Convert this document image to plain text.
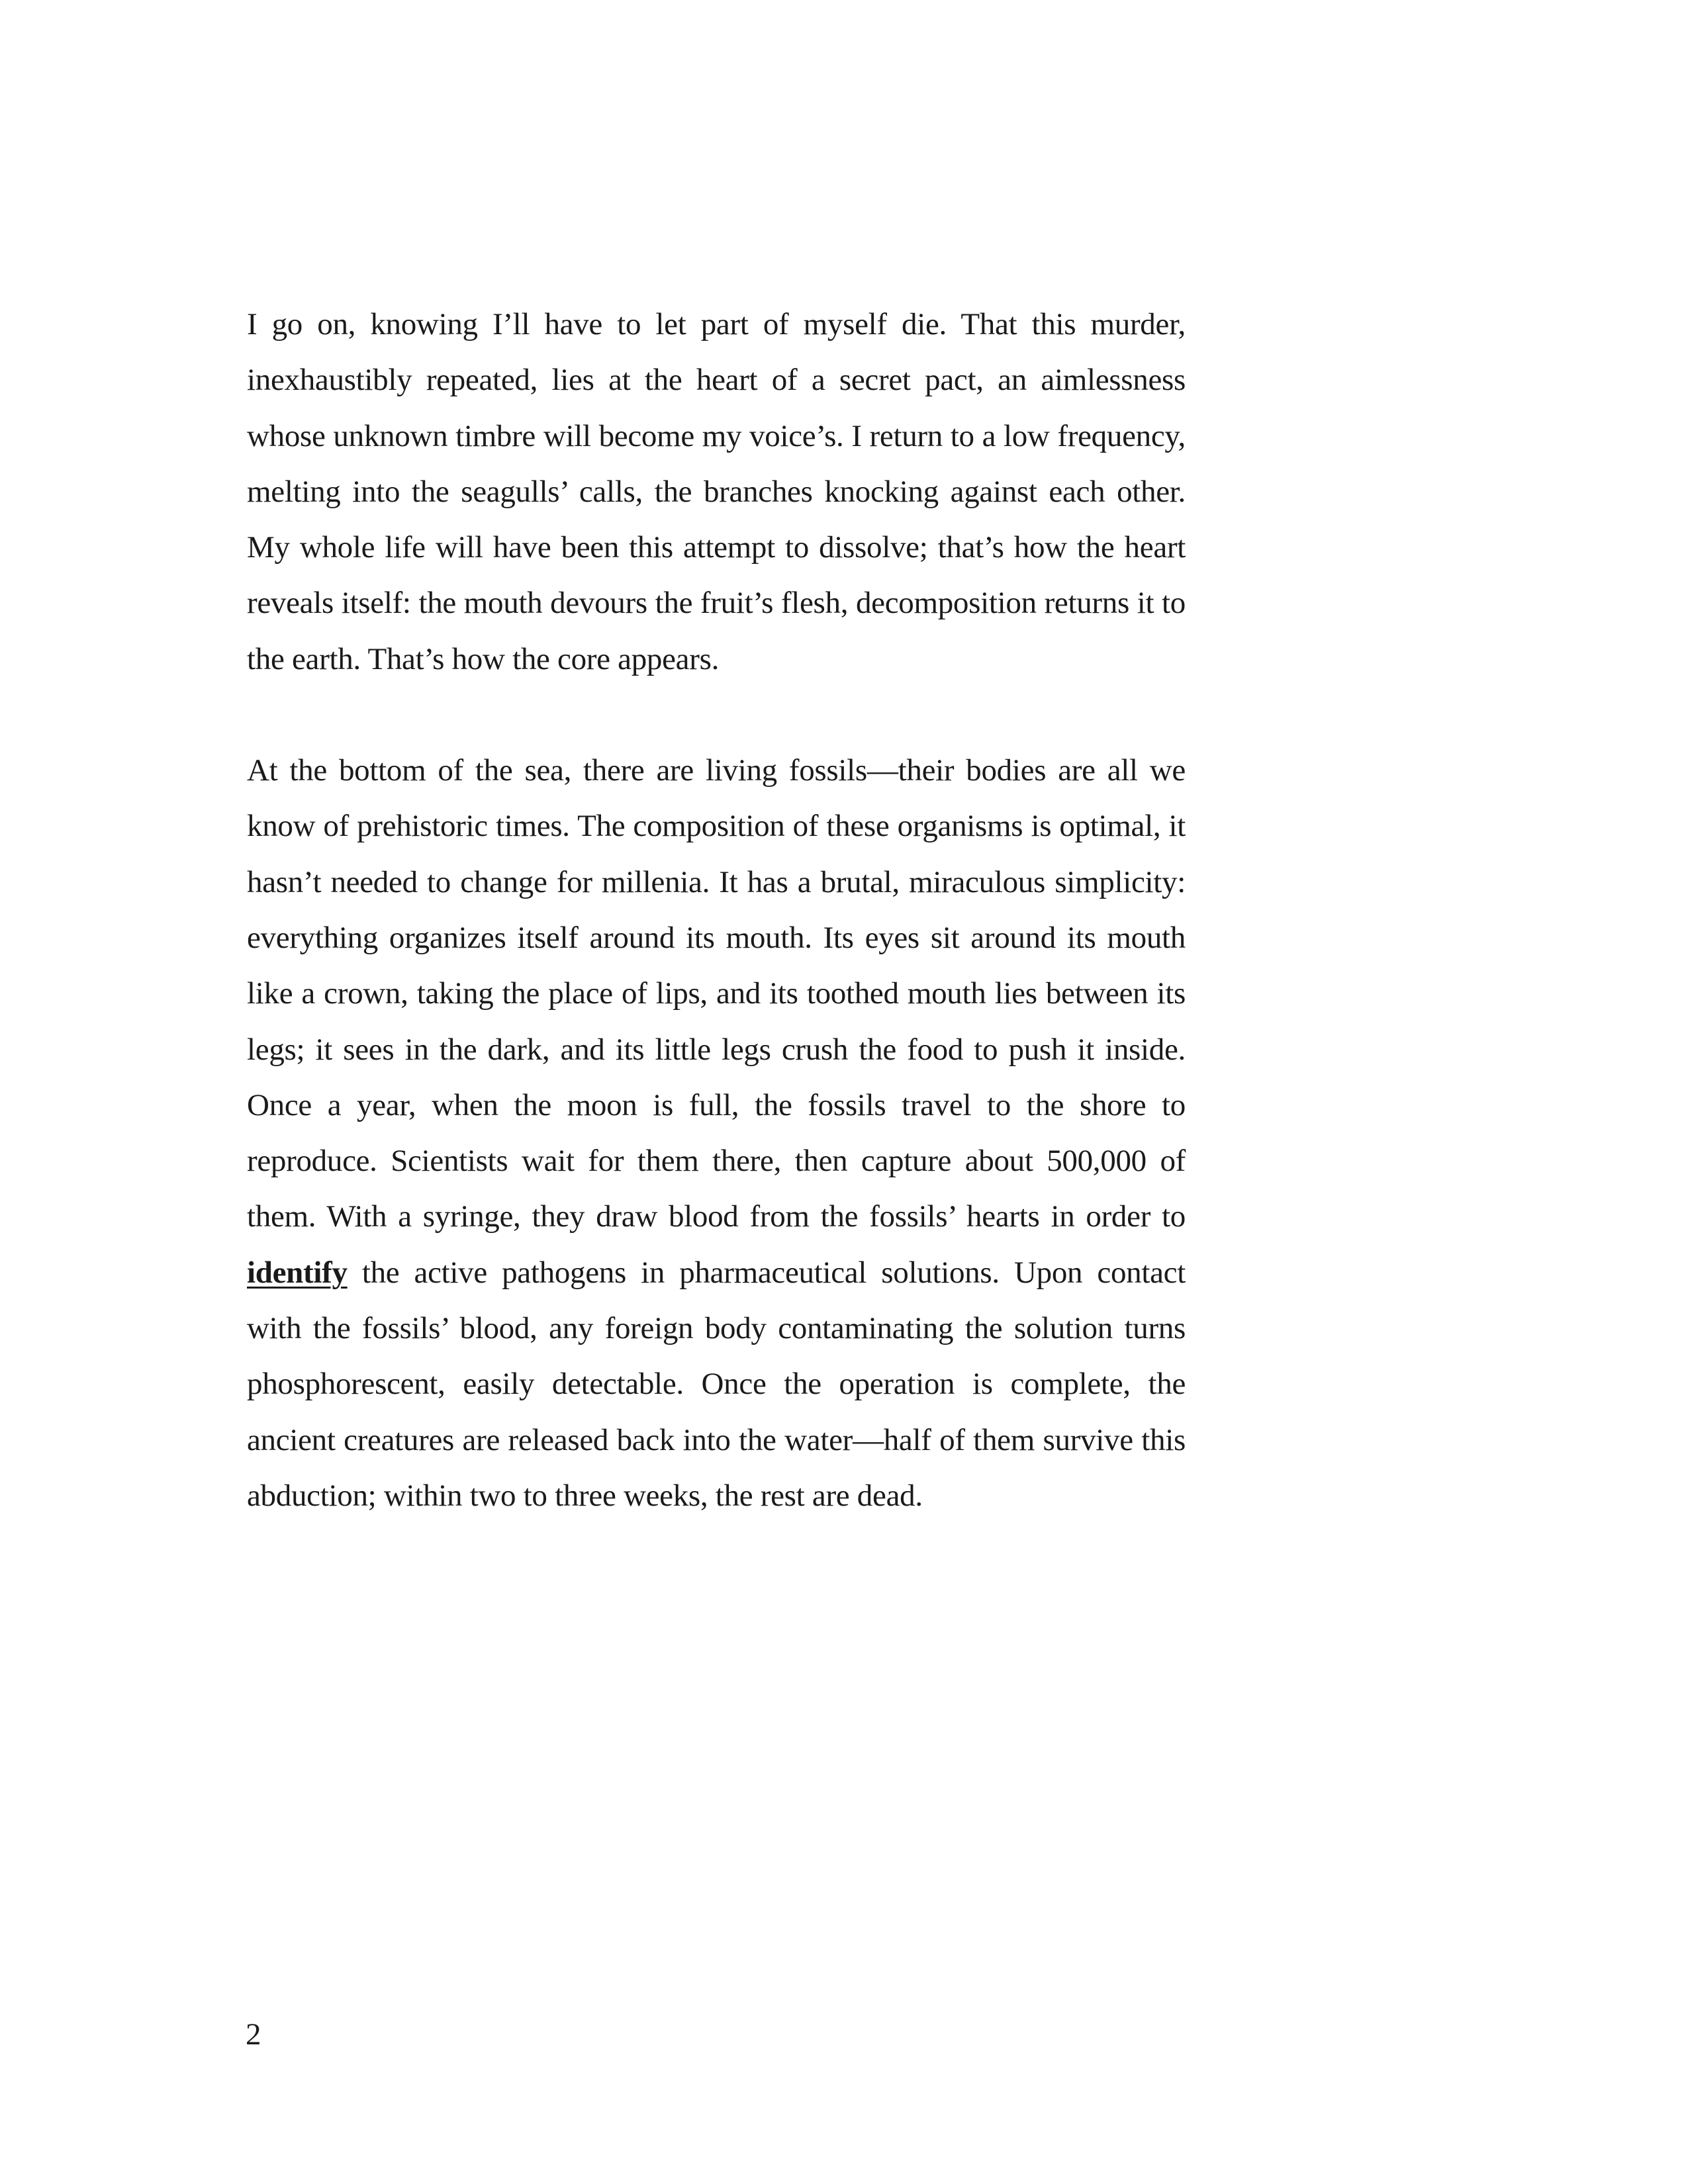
I go on, knowing I’ll have to let part of myself die. That this murder, inexhaustibly repeated, lies at the heart of a secret pact, an aimlessness whose unknown timbre will become my voice’s. I return to a low frequency, melting into the seagulls’ calls, the branches knocking against each other. My whole life will have been this attempt to dissolve; that’s how the heart reveals itself: the mouth devours the fruit’s flesh, decomposition returns it to the earth. That’s how the core appears.

At the bottom of the sea, there are living fossils—their bodies are all we know of prehistoric times. The composition of these organisms is optimal, it hasn’t needed to change for millenia. It has a brutal, miraculous simplicity: everything organizes itself around its mouth. Its eyes sit around its mouth like a crown, taking the place of lips, and its toothed mouth lies between its legs; it sees in the dark, and its little legs crush the food to push it inside. Once a year, when the moon is full, the fossils travel to the shore to reproduce. Scientists wait for them there, then capture about 500,000 of them. With a syringe, they draw blood from the fossils’ hearts in order to identify the active pathogens in pharmaceutical solutions. Upon contact with the fossils’ blood, any foreign body contaminating the solution turns phosphorescent, easily detectable. Once the operation is complete, the ancient creatures are released back into the water—half of them survive this abduction; within two to three weeks, the rest are dead.

2
